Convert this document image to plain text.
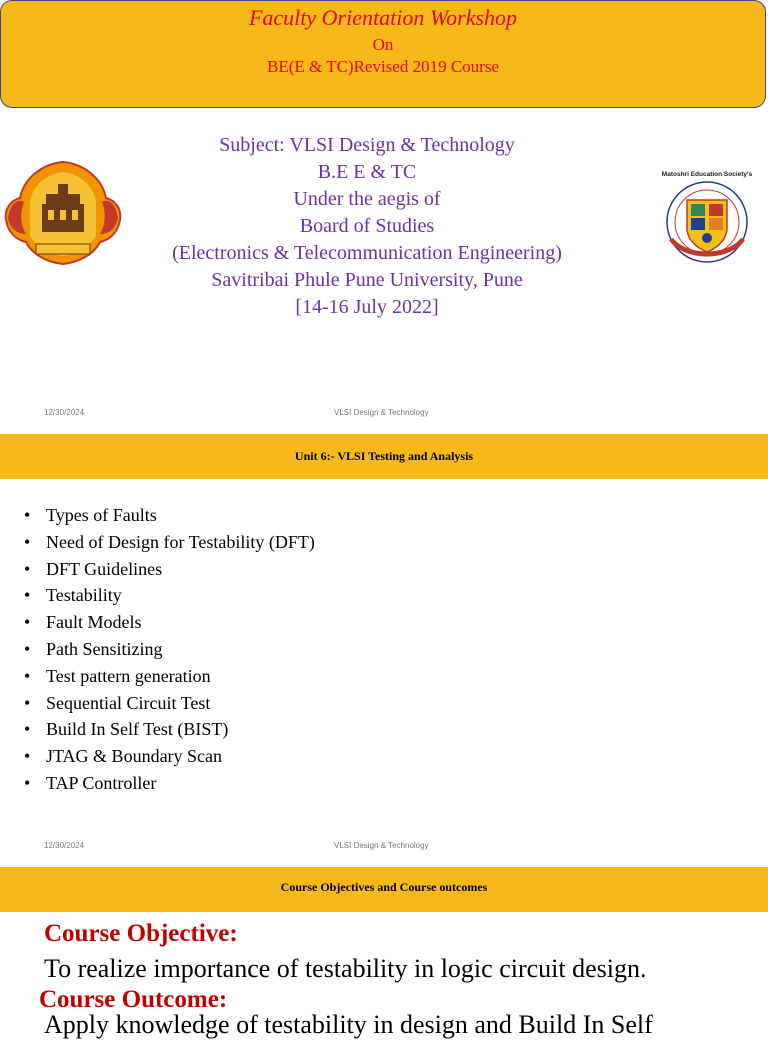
Faculty Orientation Workshop
On
BE(E & TC)Revised 2019 Course
Subject: VLSI Design & Technology
B.E E & TC
Under the aegis of
Board of Studies
(Electronics & Telecommunication Engineering)
Savitribai Phule Pune University, Pune
[14-16 July 2022]
Matoshri Education Society's
12/30/2024	VLSI Design & Technology
Unit 6:- VLSI Testing and Analysis
• Types of Faults
• Need of Design for Testability (DFT)
• DFT Guidelines
• Testability
• Fault Models
• Path Sensitizing
• Test pattern generation
• Sequential Circuit Test
• Build In Self Test (BIST)
• JTAG & Boundary Scan
• TAP Controller
12/30/2024	VLSI Design & Technology
Course Objectives and Course outcomes
Course Objective:
To realize importance of testability in logic circuit design.
Course Outcome:
Apply knowledge of testability in design and Build In Self
